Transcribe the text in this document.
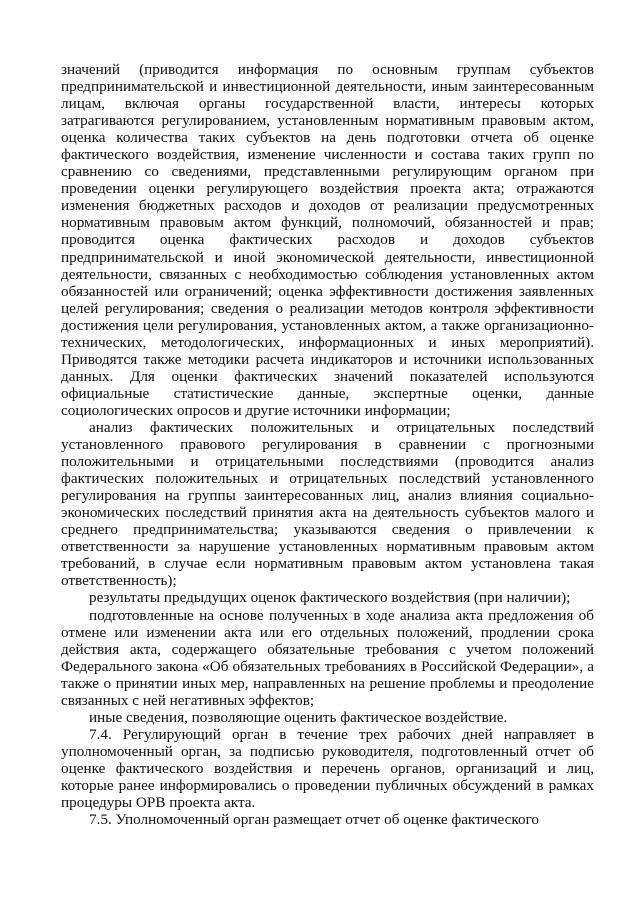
значений (приводится информация по основным группам субъектов предпринимательской и инвестиционной деятельности, иным заинтересованным лицам, включая органы государственной власти, интересы которых затрагиваются регулированием, установленным нормативным правовым актом, оценка количества таких субъектов на день подготовки отчета об оценке фактического воздействия, изменение численности и состава таких групп по сравнению со сведениями, представленными регулирующим органом при проведении оценки регулирующего воздействия проекта акта; отражаются изменения бюджетных расходов и доходов от реализации предусмотренных нормативным правовым актом функций, полномочий, обязанностей и прав; проводится оценка фактических расходов и доходов субъектов предпринимательской и иной экономической деятельности, инвестиционной деятельности, связанных с необходимостью соблюдения установленных актом обязанностей или ограничений; оценка эффективности достижения заявленных целей регулирования; сведения о реализации методов контроля эффективности достижения цели регулирования, установленных актом, а также организационно-технических, методологических, информационных и иных мероприятий). Приводятся также методики расчета индикаторов и источники использованных данных. Для оценки фактических значений показателей используются официальные статистические данные, экспертные оценки, данные социологических опросов и другие источники информации;

анализ фактических положительных и отрицательных последствий установленного правового регулирования в сравнении с прогнозными положительными и отрицательными последствиями (проводится анализ фактических положительных и отрицательных последствий установленного регулирования на группы заинтересованных лиц, анализ влияния социально-экономических последствий принятия акта на деятельность субъектов малого и среднего предпринимательства; указываются сведения о привлечении к ответственности за нарушение установленных нормативным правовым актом требований, в случае если нормативным правовым актом установлена такая ответственность);

результаты предыдущих оценок фактического воздействия (при наличии);

подготовленные на основе полученных в ходе анализа акта предложения об отмене или изменении акта или его отдельных положений, продлении срока действия акта, содержащего обязательные требования с учетом положений Федерального закона «Об обязательных требованиях в Российской Федерации», а также о принятии иных мер, направленных на решение проблемы и преодоление связанных с ней негативных эффектов;

иные сведения, позволяющие оценить фактическое воздействие.

7.4. Регулирующий орган в течение трех рабочих дней направляет в уполномоченный орган, за подписью руководителя, подготовленный отчет об оценке фактического воздействия и перечень органов, организаций и лиц, которые ранее информировались о проведении публичных обсуждений в рамках процедуры ОРВ проекта акта.

7.5. Уполномоченный орган размещает отчет об оценке фактического
